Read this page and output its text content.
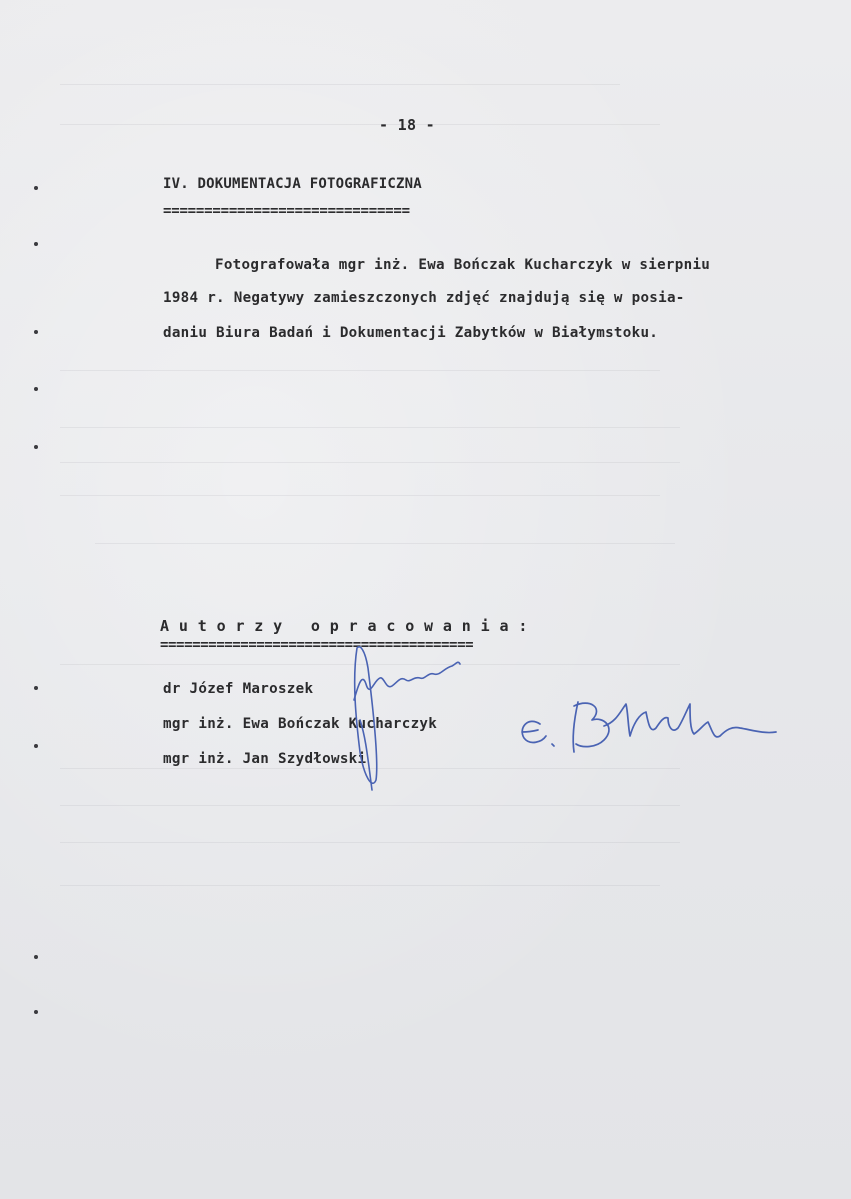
- 18 -
IV. DOKUMENTACJA FOTOGRAFICZNA
==============================
Fotografowała mgr inż. Ewa Bończak Kucharczyk w sierpniu
1984 r. Negatywy zamieszczonych zdjęć znajdują się w posia-
daniu Biura Badań i Dokumentacji Zabytków w Białymstoku.
A u t o r z y   o p r a c o w a n i a :
=======================================
dr Józef Maroszek
mgr inż. Ewa Bończak Kucharczyk
mgr inż. Jan Szydłowski
